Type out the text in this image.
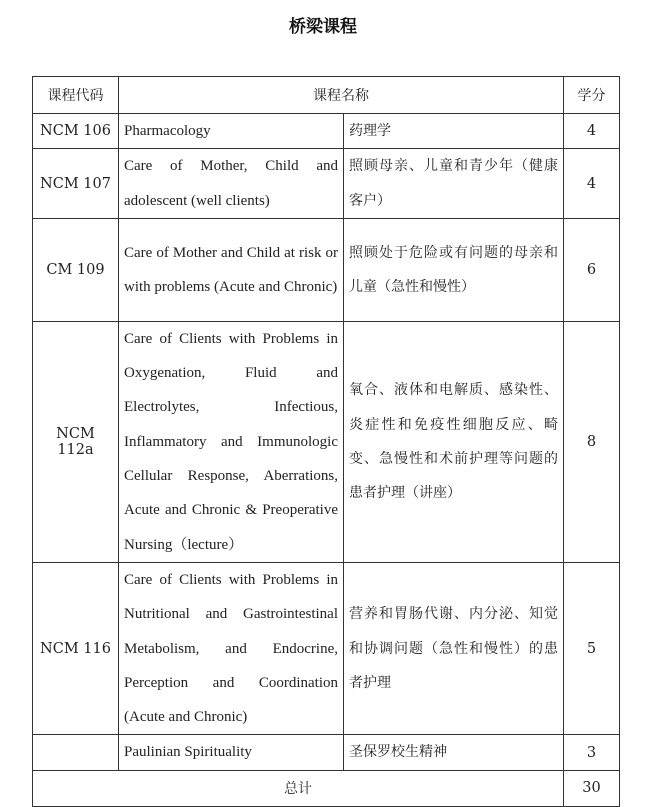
桥梁课程
课程代码	课程名称		学分
NCM 106	Pharmacology	药理学	4
NCM 107	Care of Mother, Child and adolescent (well clients)	照顾母亲、儿童和青少年（健康客户）	4
CM 109	Care of Mother and Child at risk or with problems (Acute and Chronic)	照顾处于危险或有问题的母亲和儿童（急性和慢性）	6
NCM 112a	Care of Clients with Problems in Oxygenation, Fluid and Electrolytes, Infectious, Inflammatory and Immunologic Cellular Response, Aberrations, Acute and Chronic & Preoperative Nursing（lecture）	氧合、液体和电解质、感染性、炎症性和免疫性细胞反应、畸变、急慢性和术前护理等问题的患者护理（讲座）	8
NCM 116	Care of Clients with Problems in Nutritional and Gastrointestinal Metabolism, and Endocrine, Perception and Coordination (Acute and Chronic)	营养和胃肠代谢、内分泌、知觉和协调问题（急性和慢性）的患者护理	5
	Paulinian Spirituality	圣保罗校生精神	3
总计			30
